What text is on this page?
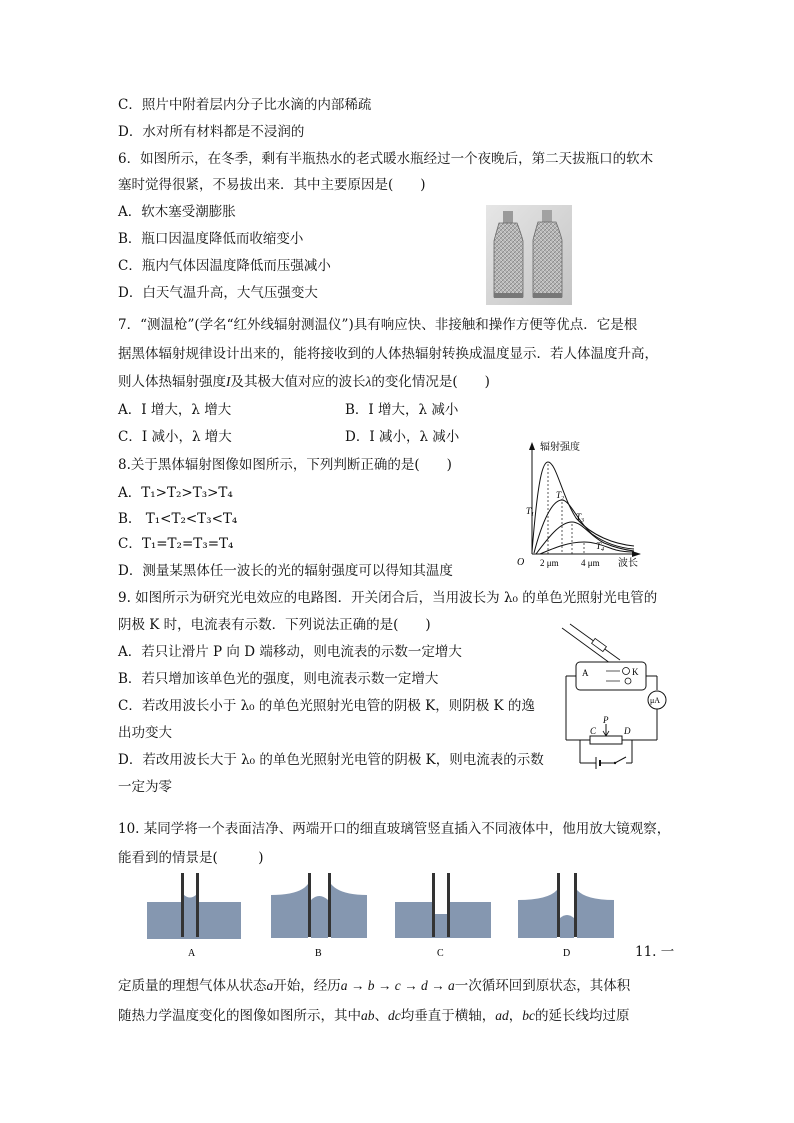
C．照片中附着层内分子比水滴的内部稀疏
D．水对所有材料都是不浸润的
6．如图所示，在冬季，剩有半瓶热水的老式暖水瓶经过一个夜晚后，第二天拔瓶口的软木
塞时觉得很紧，不易拔出来．其中主要原因是(　　)
A．软木塞受潮膨胀
B．瓶口因温度降低而收缩变小
C．瓶内气体因温度降低而压强减小
D．白天气温升高，大气压强变大
7．“测温枪”(学名“红外线辐射测温仪”)具有响应快、非接触和操作方便等优点．它是根
据黑体辐射规律设计出来的，能将接收到的人体热辐射转换成温度显示．若人体温度升高，
则人体热辐射强度I及其极大值对应的波长λ的变化情况是(　　)
A．I 增大，λ 增大	B．I 增大，λ 减小
C．I 减小，λ 增大	D．I 减小，λ 减小
8.关于黑体辐射图像如图所示，下列判断正确的是(　　)
A．T₁>T₂>T₃>T₄
B.　T₁<T₂<T₃<T₄
C．T₁=T₂=T₃=T₄
D．测量某黑体任一波长的光的辐射强度可以得知其温度
辐射强度
O 2 μm 4 μm 波长
$T_1$
$T_2$
$T_3$
$T_4$
9. 如图所示为研究光电效应的电路图．开关闭合后，当用波长为 λ₀ 的单色光照射光电管的
阴极 K 时，电流表有示数．下列说法正确的是(　　)
A．若只让滑片 P 向 D 端移动，则电流表的示数一定增大
B．若只增加该单色光的强度，则电流表示数一定增大
C．若改用波长小于 λ₀ 的单色光照射光电管的阴极 K，则阴极 K 的逸
出功变大
D．若改用波长大于 λ₀ 的单色光照射光电管的阴极 K，则电流表的示数
一定为零
A	K
μA
P
C	D
10. 某同学将一个表面洁净、两端开口的细直玻璃管竖直插入不同液体中，他用放大镜观察，
能看到的情景是(　　　)
A	B	C	D	11. 一
定质量的理想气体从状态a开始，经历a → b → c → d → a一次循环回到原状态，其体积
随热力学温度变化的图像如图所示，其中ab、dc均垂直于横轴，ad，bc的延长线均过原
